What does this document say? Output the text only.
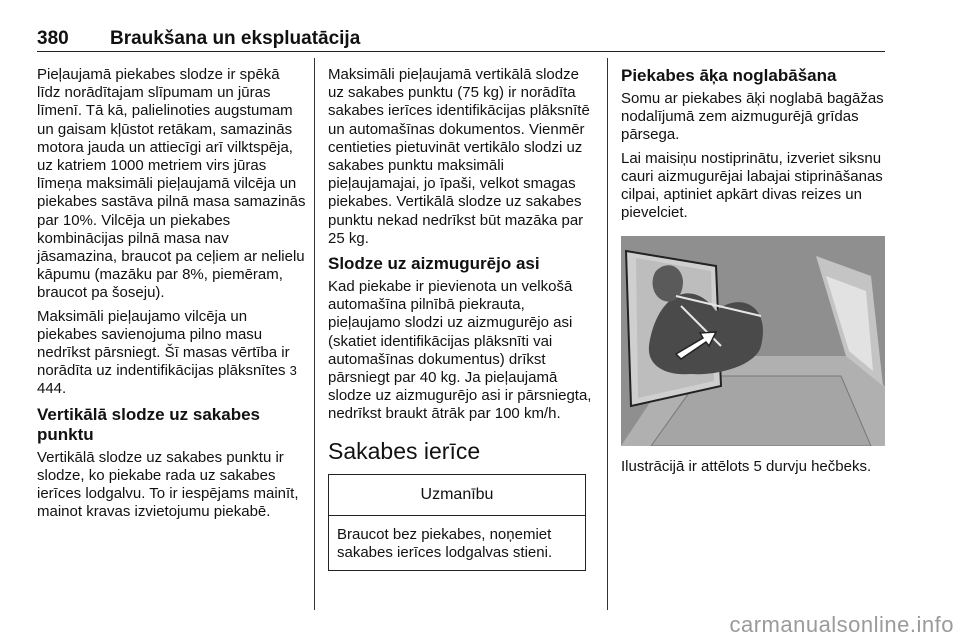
380 Braukšana un ekspluatācija

Pieļaujamā piekabes slodze ir spēkā līdz norādītajam slīpumam un jūras līmenī. Tā kā, palielinoties augstumam un gaisam kļūstot retākam, samazinās motora jauda un attiecīgi arī vilktspēja, uz katriem 1000 metriem virs jūras līmeņa maksimāli pieļaujamā vilcēja un piekabes sastāva pilnā masa samazinās par 10%. Vilcēja un piekabes kombinācijas pilnā masa nav jāsamazina, braucot pa ceļiem ar nelielu kāpumu (mazāku par 8%, piemēram, braucot pa šoseju).

Maksimāli pieļaujamo vilcēja un piekabes savienojuma pilno masu nedrīkst pārsniegt. Šī masas vērtība ir norādīta uz indentifikācijas plāksnītes 3 444.

Vertikālā slodze uz sakabes punktu

Vertikālā slodze uz sakabes punktu ir slodze, ko piekabe rada uz sakabes ierīces lodgalvu. To ir iespējams mainīt, mainot kravas izvietojumu piekabē.

Maksimāli pieļaujamā vertikālā slodze uz sakabes punktu (75 kg) ir norādīta sakabes ierīces identifikācijas plāksnītē un automašīnas dokumentos. Vienmēr centieties pietuvināt vertikālo slodzi uz sakabes punktu maksimāli pieļaujamajai, jo īpaši, velkot smagas piekabes. Vertikālā slodze uz sakabes punktu nekad nedrīkst būt mazāka par 25 kg.

Slodze uz aizmugurējo asi

Kad piekabe ir pievienota un velkošā automašīna pilnībā piekrauta, pieļaujamo slodzi uz aizmugurējo asi (skatiet identifikācijas plāksnīti vai automašīnas dokumentus) drīkst pārsniegt par 40 kg. Ja pieļaujamā slodze uz aizmugurējo asi ir pārsniegta, nedrīkst braukt ātrāk par 100 km/h.

Sakabes ierīce
Uzmanību
Braucot bez piekabes, noņemiet sakabes ierīces lodgalvas stieni.
Piekabes āķa noglabāšana

Somu ar piekabes āķi noglabā bagāžas nodalījumā zem aizmugurējā grīdas pārsega.

Lai maisiņu nostiprinātu, izveriet siksnu cauri aizmugurējai labajai stiprināšanas cilpai, aptiniet apkārt divas reizes un pievelciet.

Ilustrācijā ir attēlots 5 durvju hečbeks.

carmanualsonline.info
